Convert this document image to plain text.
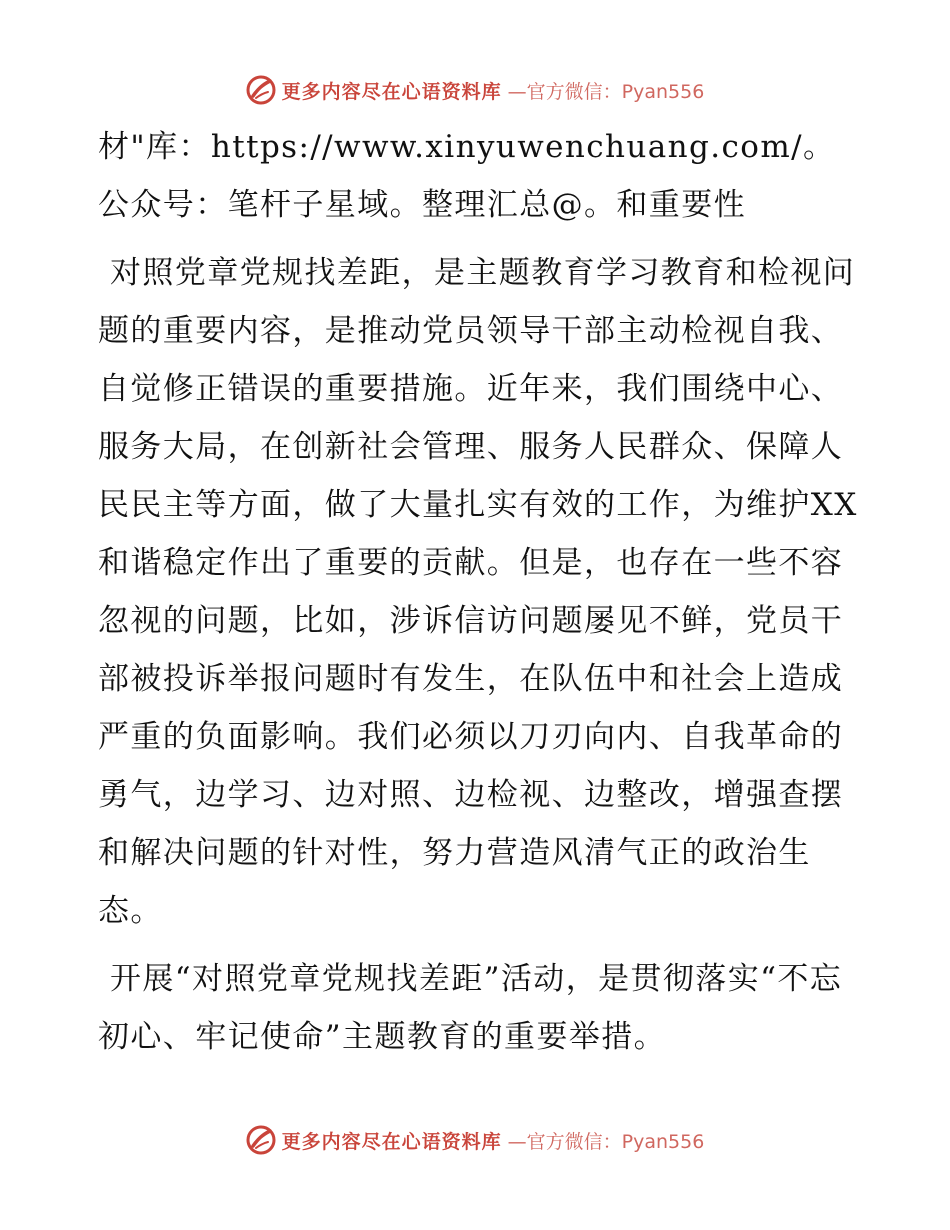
更多内容尽在心语资料库 —官方微信：Pyan556

材"库：https://www.xinyuwenchuang.com/。公众号：笔杆子星域。整理汇总@。和重要性

对照党章党规找差距，是主题教育学习教育和检视问题的重要内容，是推动党员领导干部主动检视自我、自觉修正错误的重要措施。近年来，我们围绕中心、服务大局，在创新社会管理、服务人民群众、保障人民民主等方面，做了大量扎实有效的工作，为维护XX和谐稳定作出了重要的贡献。但是，也存在一些不容忽视的问题，比如，涉诉信访问题屡见不鲜，党员干部被投诉举报问题时有发生，在队伍中和社会上造成严重的负面影响。我们必须以刀刃向内、自我革命的勇气，边学习、边对照、边检视、边整改，增强查摆和解决问题的针对性，努力营造风清气正的政治生态。

开展“对照党章党规找差距”活动，是贯彻落实“不忘初心、牢记使命”主题教育的重要举措。

更多内容尽在心语资料库 —官方微信：Pyan556
